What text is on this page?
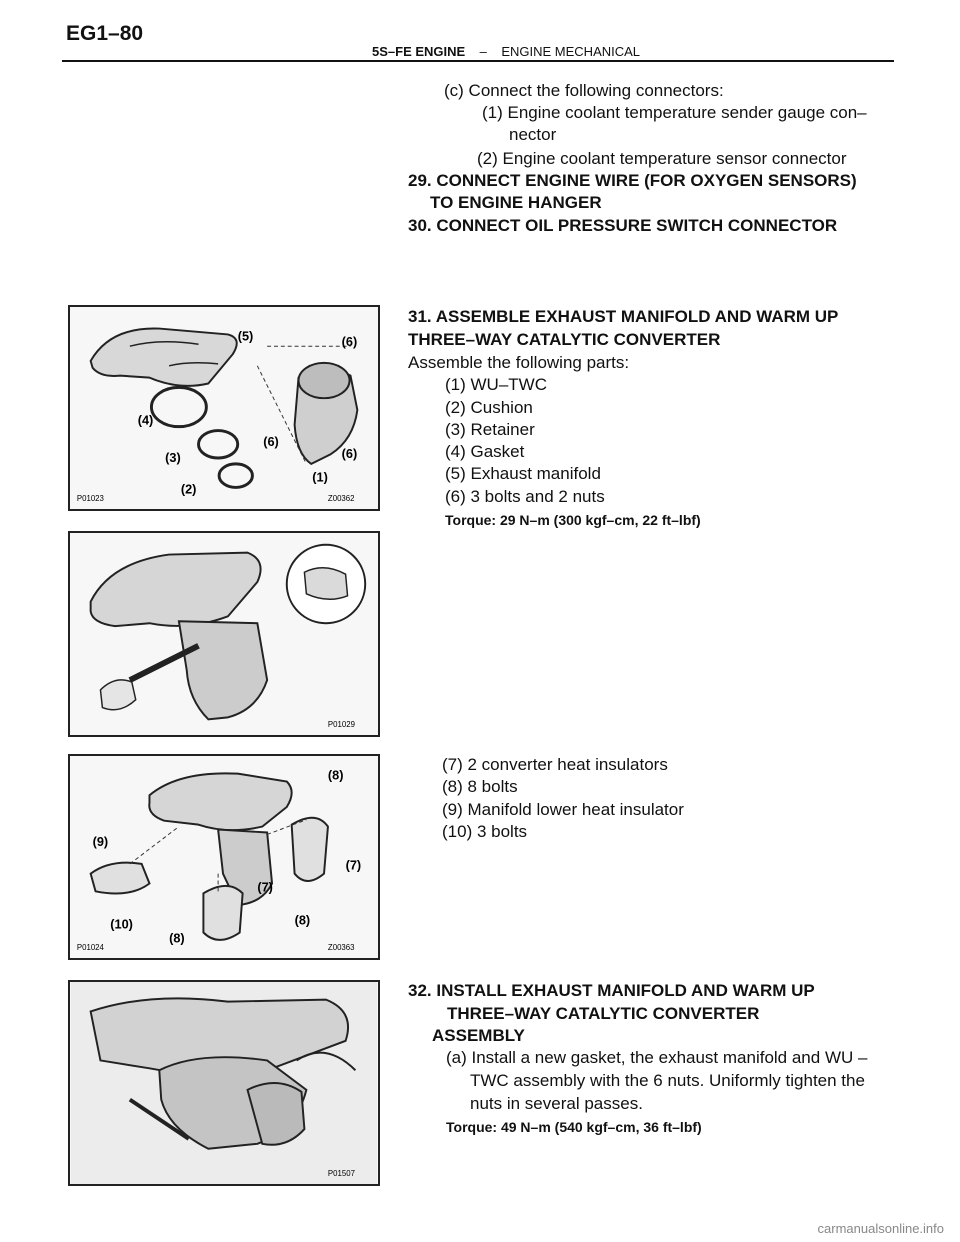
EG1–80
5S–FE ENGINE – ENGINE MECHANICAL
(c) Connect the following connectors:
(1) Engine coolant temperature sender gauge con–
nector
(2) Engine coolant temperature sensor connector
29. CONNECT ENGINE WIRE (FOR OXYGEN SENSORS)
TO ENGINE HANGER
30. CONNECT OIL PRESSURE SWITCH CONNECTOR
31. ASSEMBLE EXHAUST MANIFOLD AND WARM UP
THREE–WAY CATALYTIC CONVERTER
Assemble the following parts:
(1) WU–TWC
(2) Cushion
(3) Retainer
(4) Gasket
(5) Exhaust manifold
(6) 3 bolts and 2 nuts
Torque: 29 N–m (300 kgf–cm, 22 ft–lbf)
(7) 2 converter heat insulators
(8) 8 bolts
(9) Manifold lower heat insulator
(10) 3 bolts
32. INSTALL EXHAUST MANIFOLD AND WARM UP
THREE–WAY CATALYTIC CONVERTER
ASSEMBLY
(a) Install a new gasket, the exhaust manifold and WU –
TWC assembly with the 6 nuts. Uniformly tighten the
nuts in several passes.
Torque: 49 N–m (540 kgf–cm, 36 ft–lbf)
P01023	Z00362
(5)	(6)
(4)
(3)
(6)
(6)
(2)
(1)
P01029
P01024	Z00363
(8)
(9)
(7)
(7)
(10)
(8)
(8)
P01507
carmanualsonline.info
